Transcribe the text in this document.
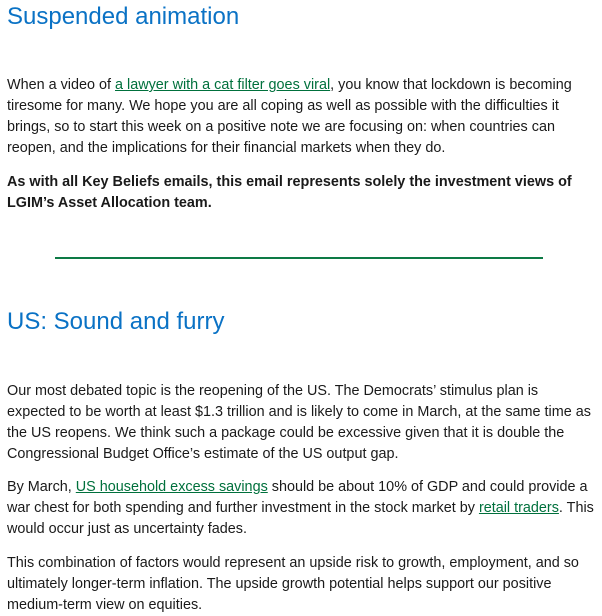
Suspended animation

When a video of a lawyer with a cat filter goes viral, you know that lockdown is becoming tiresome for many. We hope you are all coping as well as possible with the difficulties it brings, so to start this week on a positive note we are focusing on: when countries can reopen, and the implications for their financial markets when they do.

As with all Key Beliefs emails, this email represents solely the investment views of LGIM’s Asset Allocation team.

US: Sound and furry

Our most debated topic is the reopening of the US. The Democrats’ stimulus plan is expected to be worth at least $1.3 trillion and is likely to come in March, at the same time as the US reopens. We think such a package could be excessive given that it is double the Congressional Budget Office’s estimate of the US output gap.

By March, US household excess savings should be about 10% of GDP and could provide a war chest for both spending and further investment in the stock market by retail traders. This would occur just as uncertainty fades.

This combination of factors would represent an upside risk to growth, employment, and so ultimately longer-term inflation. The upside growth potential helps support our positive medium-term view on equities.
